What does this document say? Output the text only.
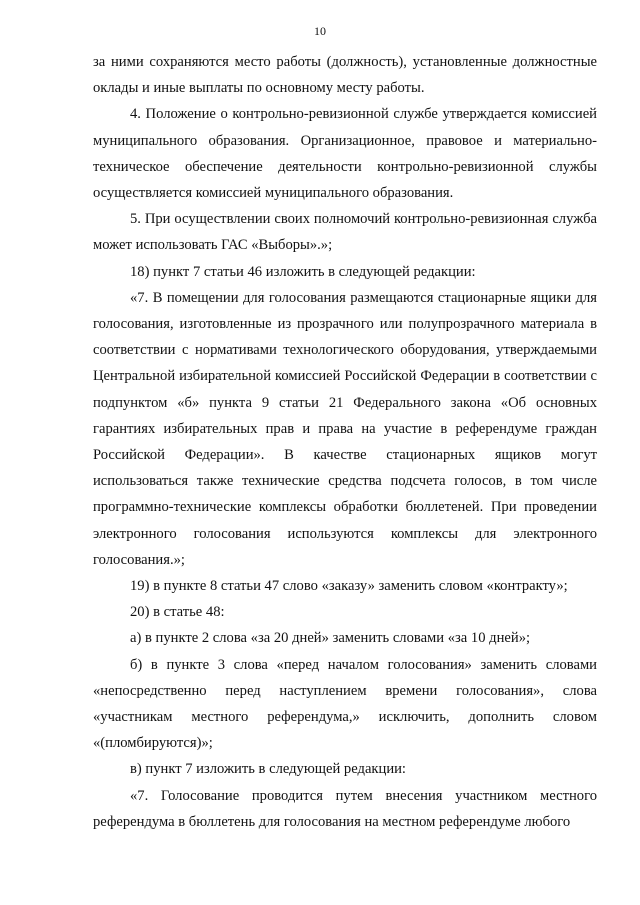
10

за ними сохраняются место работы (должность), установленные должностные оклады и иные выплаты по основному месту работы.

4. Положение о контрольно-ревизионной службе утверждается комиссией муниципального образования. Организационное, правовое и материально-техническое обеспечение деятельности контрольно-ревизионной службы осуществляется комиссией муниципального образования.

5. При осуществлении своих полномочий контрольно-ревизионная служба может использовать ГАС «Выборы».»;

18) пункт 7 статьи 46 изложить в следующей редакции:

«7. В помещении для голосования размещаются стационарные ящики для голосования, изготовленные из прозрачного или полупрозрачного материала в соответствии с нормативами технологического оборудования, утверждаемыми Центральной избирательной комиссией Российской Федерации в соответствии с подпунктом «б» пункта 9 статьи 21 Федерального закона «Об основных гарантиях избирательных прав и права на участие в референдуме граждан Российской Федерации». В качестве стационарных ящиков могут использоваться также технические средства подсчета голосов, в том числе программно-технические комплексы обработки бюллетеней. При проведении электронного голосования используются комплексы для электронного голосования.»;

19) в пункте 8 статьи 47 слово «заказу» заменить словом «контракту»;

20) в статье 48:

а) в пункте 2 слова «за 20 дней» заменить словами «за 10 дней»;

б) в пункте 3 слова «перед началом голосования» заменить словами «непосредственно перед наступлением времени голосования», слова «участникам местного референдума,» исключить, дополнить словом «(пломбируются)»;

в) пункт 7 изложить в следующей редакции:

«7. Голосование проводится путем внесения участником местного референдума в бюллетень для голосования на местном референдуме любого
